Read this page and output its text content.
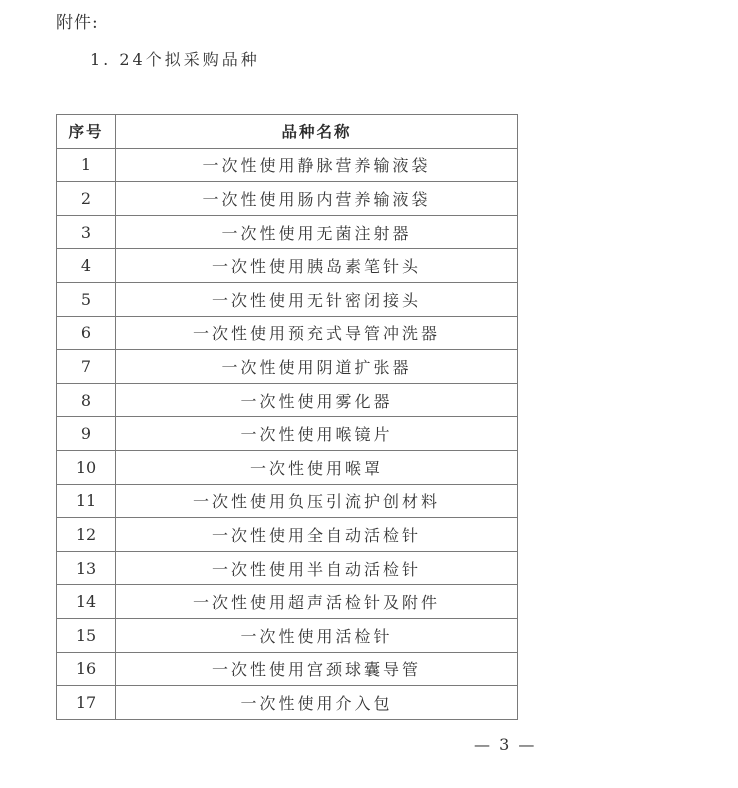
附件:
1. 24个拟采购品种
序号	品种名称
1	一次性使用静脉营养输液袋
2	一次性使用肠内营养输液袋
3	一次性使用无菌注射器
4	一次性使用胰岛素笔针头
5	一次性使用无针密闭接头
6	一次性使用预充式导管冲洗器
7	一次性使用阴道扩张器
8	一次性使用雾化器
9	一次性使用喉镜片
10	一次性使用喉罩
11	一次性使用负压引流护创材料
12	一次性使用全自动活检针
13	一次性使用半自动活检针
14	一次性使用超声活检针及附件
15	一次性使用活检针
16	一次性使用宫颈球囊导管
17	一次性使用介入包
— 3 —
